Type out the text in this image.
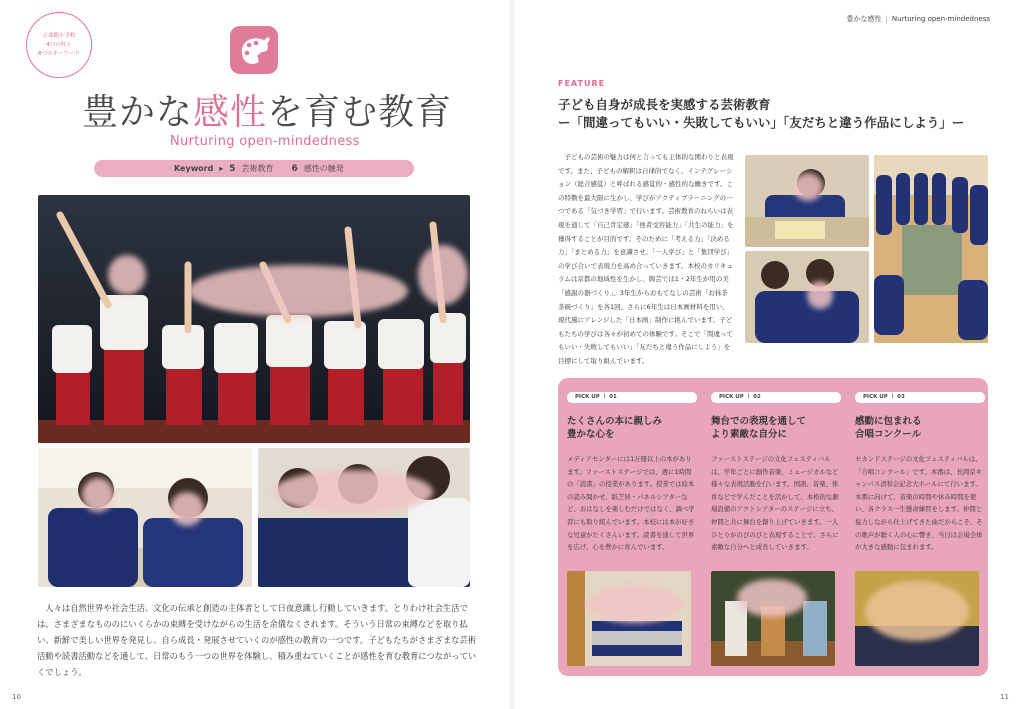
立命館小学校
4つの柱と
8つのキーワード
豊かな感性を育む教育
Nurturing open-mindedness
Keyword ▸ 5 芸術教育 6 感性の触発
人々は自然世界や社会生活、文化の伝承と創造の主体者として日夜意識し行動していきます。とりわけ社会生活では、さまざまなもののにいくらかの束縛を受けながらの生活を余儀なくされます。そういう日常の束縛などを取り払い、新鮮で美しい世界を発見し、自ら成長・発展させていくのが感性の教育の一つです。子どもたちがさまざまな芸術活動や読書活動などを通して、日常のもう一つの世界を体験し、積み重ねていくことが感性を育む教育につながっていくでしょう。
10
豊かな感性 | Nurturing open-mindedness
FEATURE
子ども自身が成長を実感する芸術教育
ー「間違ってもいい・失敗してもいい」「友だちと違う作品にしよう」ー
子どもの芸術の魅力は何と言っても主体的な関わりと表現です。また、子どもの解釈は自律的でなく、インテグレーション（総合感覚）と呼ばれる感覚的・感性的な働きです。この特徴を最大限に生かし、学びがアクティブラーニングの一つである「気づき学習」で行います。芸術教育のねらいは表現を通して「自己肯定感」「他者受容能力」「共生の能力」を獲得することが目的です。そのために「考える力」「決める力」「まとめる力」を意識させ、「一人学び」と「集団学び」の学び合いで表現力を高め合っていきます。本校のカリキュラムは京都の地域性を生かし、陶芸では1・2年生が用の美「感謝の器づくり」、3年生からおもてなしの芸術「お抹茶茶碗づくり」を各1回、さらに6年生は日本画材料を用い、現代風にアレンジした「日本画」制作に挑んでいます。子どもたちの学びは各々が初めての体験です。そこで「間違ってもいい・失敗してもいい」「友だちと違う作品にしよう」を目標にして取り組んでいます。
PICK UP ｜ 01
たくさんの本に親しみ
豊かな心を
メディアセンターには1万冊以上の本があります。ファーストステージでは、週に1時間の「読書」の授業があります。授業では絵本の読み聞かせ、紙芝居・パネルシアターなど、おはなしを楽しむだけではなく、調べ学習にも取り組んでいます。本校には本が好きな児童がたくさんいます。読書を通して世界を広げ、心を豊かに育んでいます。
PICK UP ｜ 02
舞台での表現を通して
より素敵な自分に
ファーストステージの文化フェスティバルは、学年ごとに創作音楽、ミュージカルなど様々な表現活動を行います。国語、音楽、体育などで学んだことを活かして、本格的な劇場設備のアクトシアターのステージに立ち、仲間と共に舞台を創り上げていきます。一人ひとりがのびのびと表現することで、さらに素敵な自分へと成長していきます。
PICK UP ｜ 03
感動に包まれる
合唱コンクール
セカンドステージの文化フェスティバルは、「合唱コンクール」です。本番は、長岡京キャンパス清和会記念大ホールにて行います。本番に向けて、音楽の時間や休み時間を使い、各クラス一生懸命練習をします。仲間と協力しながら仕上げてきた曲だからこそ、その歌声が聴く人の心に響き、当日は会場全体が大きな感動に包まれます。
11
